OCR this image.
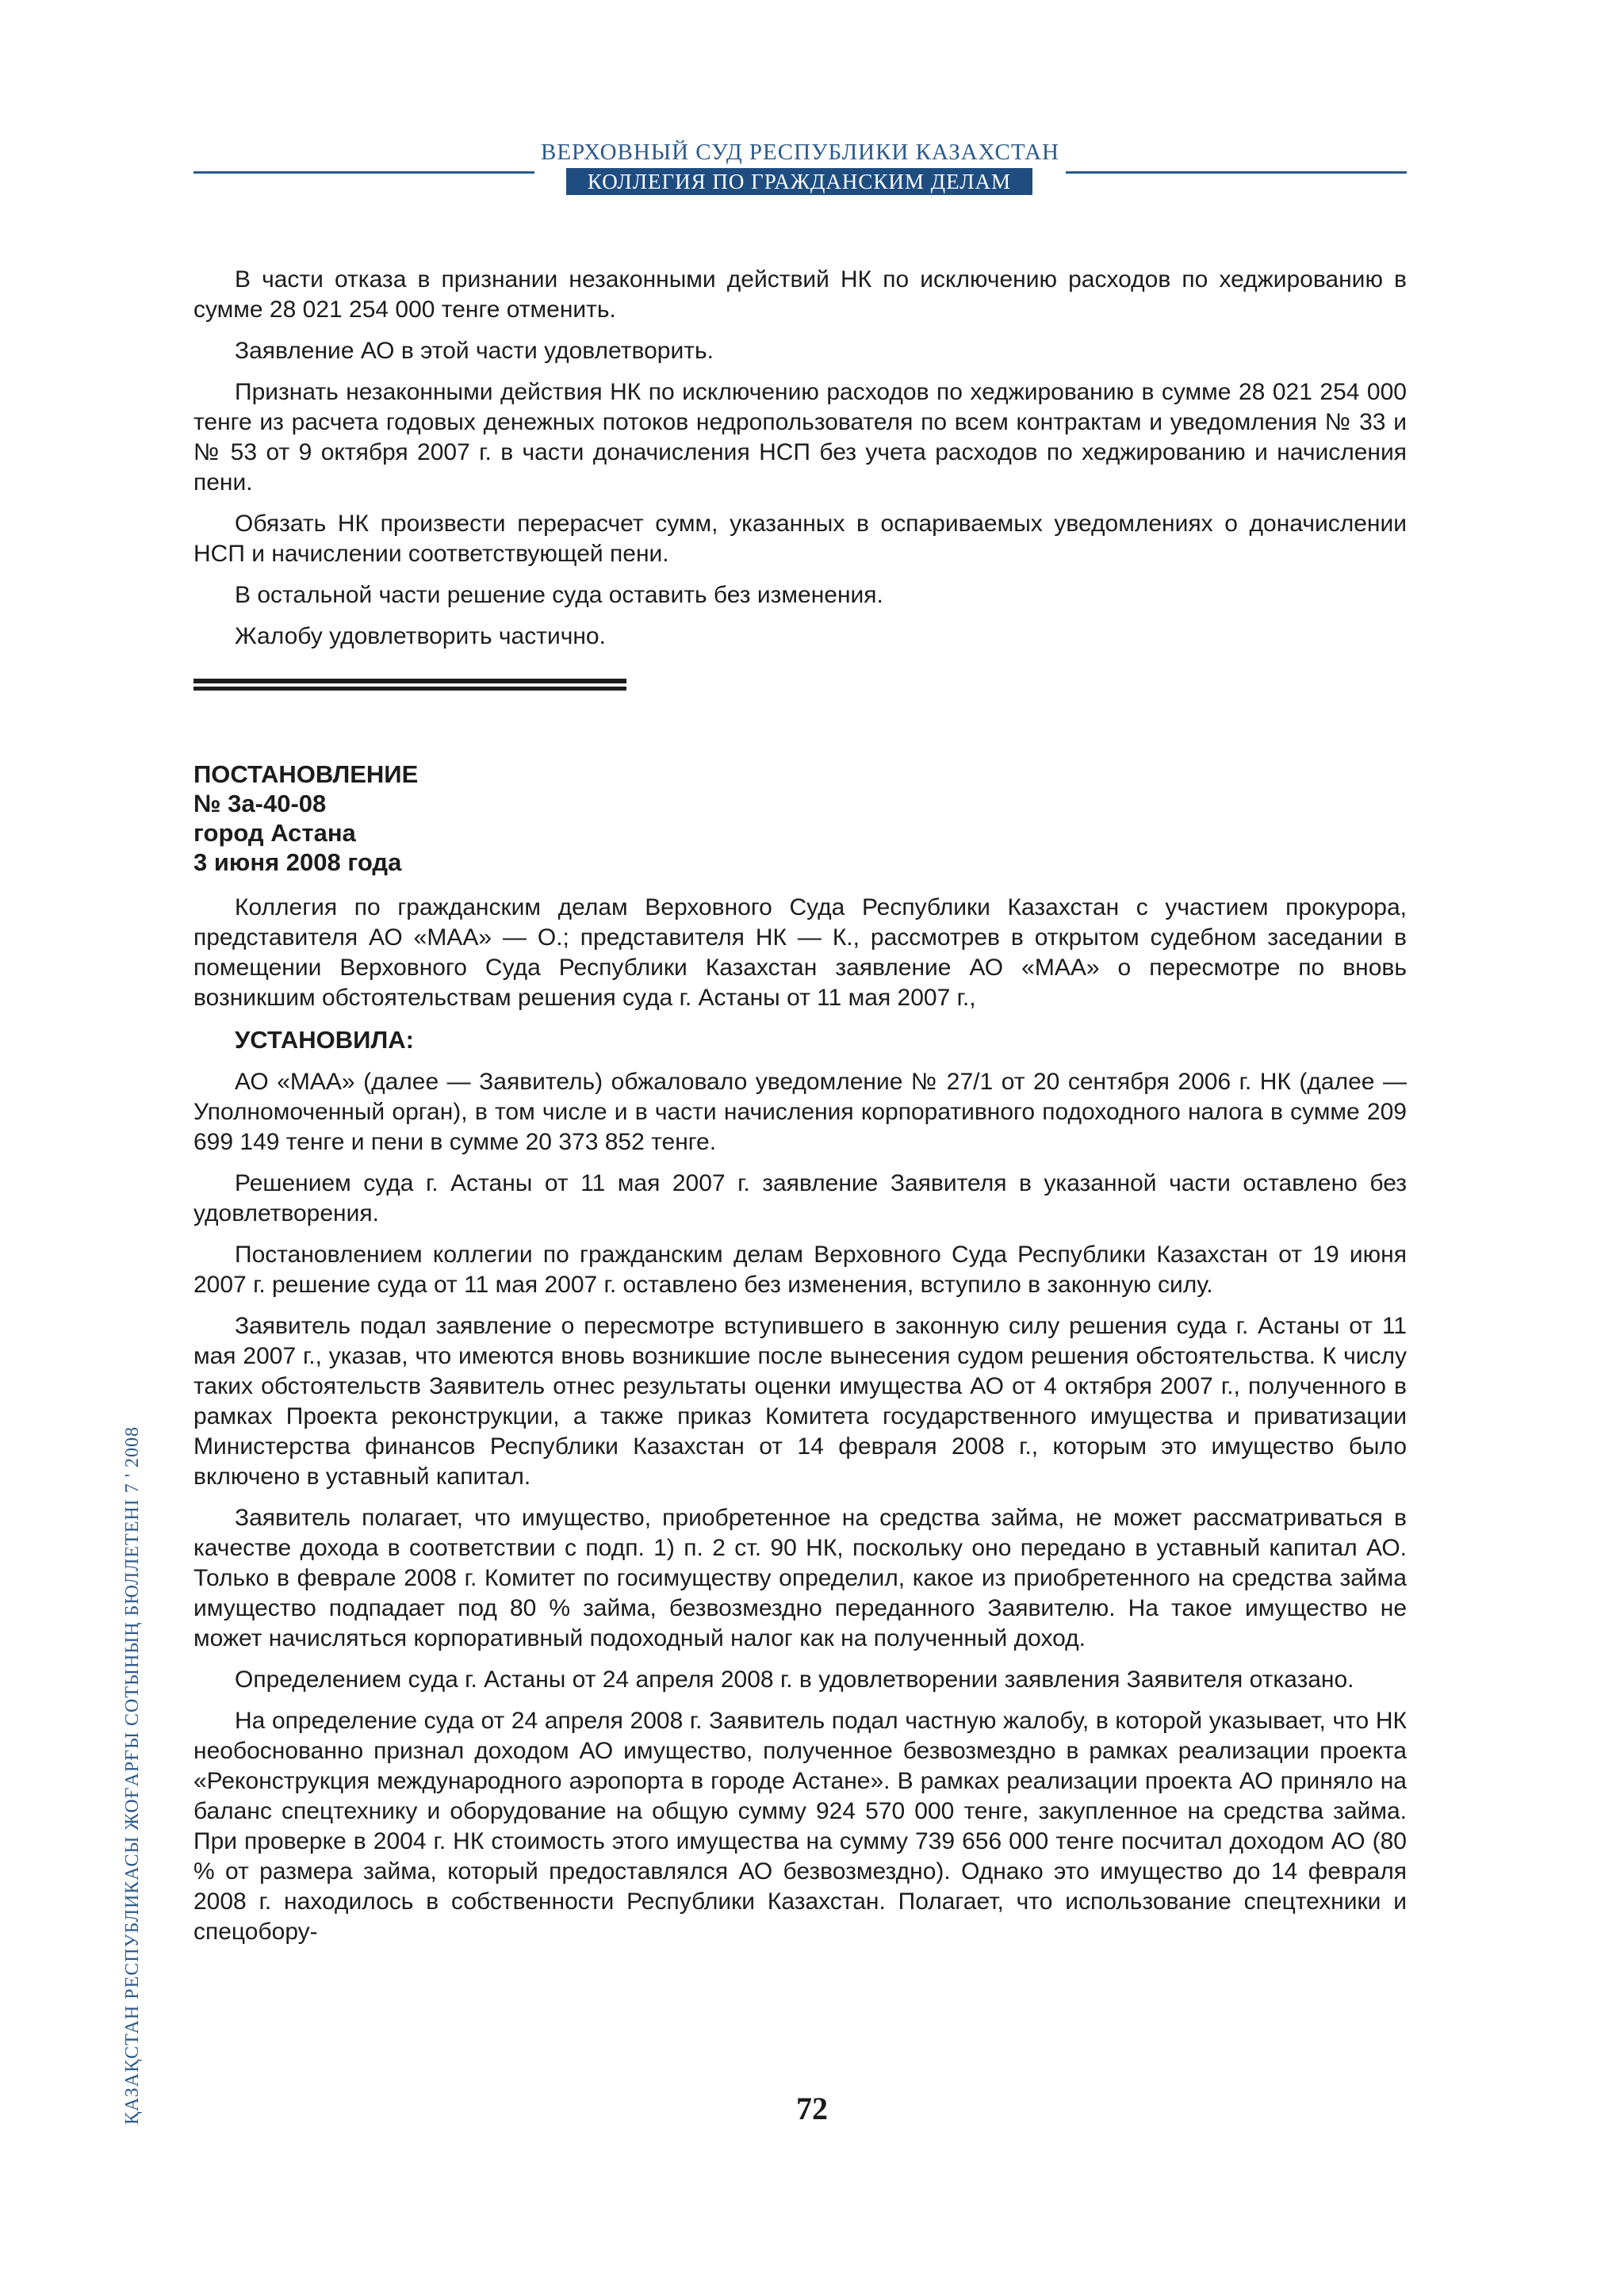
ВЕРХОВНЫЙ СУД РЕСПУБЛИКИ КАЗАХСТАН
КОЛЛЕГИЯ ПО ГРАЖДАНСКИМ ДЕЛАМ

В части отказа в признании незаконными действий НК по исключению расходов по хеджированию в сумме 28 021 254 000 тенге отменить.

Заявление АО в этой части удовлетворить.

Признать незаконными действия НК по исключению расходов по хеджированию в сумме 28 021 254 000 тенге из расчета годовых денежных потоков недропользователя по всем контрактам и уведомления № 33 и № 53 от 9 октября 2007 г. в части доначисления НСП без учета расходов по хеджированию и начисления пени.

Обязать НК произвести перерасчет сумм, указанных в оспариваемых уведомлениях о доначислении НСП и начислении соответствующей пени.

В остальной части решение суда оставить без изменения.

Жалобу удовлетворить частично.

ПОСТАНОВЛЕНИЕ
№ 3а-40-08
город Астана
3 июня 2008 года

Коллегия по гражданским делам Верховного Суда Республики Казахстан с участием прокурора, представителя АО «МАА» — О.; представителя НК — К., рассмотрев в открытом судебном заседании в помещении Верховного Суда Республики Казахстан заявление АО «МАА» о пересмотре по вновь возникшим обстоятельствам решения суда г. Астаны от 11 мая 2007 г.,

УСТАНОВИЛА:

АО «МАА» (далее — Заявитель) обжаловало уведомление № 27/1 от 20 сентября 2006 г. НК (далее — Уполномоченный орган), в том числе и в части начисления корпоративного подоходного налога в сумме 209 699 149 тенге и пени в сумме 20 373 852 тенге.

Решением суда г. Астаны от 11 мая 2007 г. заявление Заявителя в указанной части оставлено без удовлетворения.

Постановлением коллегии по гражданским делам Верховного Суда Республики Казахстан от 19 июня 2007 г. решение суда от 11 мая 2007 г. оставлено без изменения, вступило в законную силу.

Заявитель подал заявление о пересмотре вступившего в законную силу решения суда г. Астаны от 11 мая 2007 г., указав, что имеются вновь возникшие после вынесения судом решения обстоятельства. К числу таких обстоятельств Заявитель отнес результаты оценки имущества АО от 4 октября 2007 г., полученного в рамках Проекта реконструкции, а также приказ Комитета государственного имущества и приватизации Министерства финансов Республики Казахстан от 14 февраля 2008 г., которым это имущество было включено в уставный капитал.

Заявитель полагает, что имущество, приобретенное на средства займа, не может рассматриваться в качестве дохода в соответствии с подп. 1) п. 2 ст. 90 НК, поскольку оно передано в уставный капитал АО. Только в феврале 2008 г. Комитет по госимуществу определил, какое из приобретенного на средства займа имущество подпадает под 80 % займа, безвозмездно переданного Заявителю. На такое имущество не может начисляться корпоративный подоходный налог как на полученный доход.

Определением суда г. Астаны от 24 апреля 2008 г. в удовлетворении заявления Заявителя отказано.

На определение суда от 24 апреля 2008 г. Заявитель подал частную жалобу, в которой указывает, что НК необоснованно признал доходом АО имущество, полученное безвозмездно в рамках реализации проекта «Реконструкция международного аэропорта в городе Астане». В рамках реализации проекта АО приняло на баланс спецтехнику и оборудование на общую сумму 924 570 000 тенге, закупленное на средства займа. При проверке в 2004 г. НК стоимость этого имущества на сумму 739 656 000 тенге посчитал доходом АО (80 % от размера займа, который предоставлялся АО безвозмездно). Однако это имущество до 14 февраля 2008 г. находилось в собственности Республики Казахстан. Полагает, что использование спецтехники и спецобору-

ҚАЗАҚСТАН РЕСПУБЛИКАСЫ ЖОҒАРҒЫ СОТЫНЫҢ БЮЛЛЕТЕНІ 7 ' 2008	72
